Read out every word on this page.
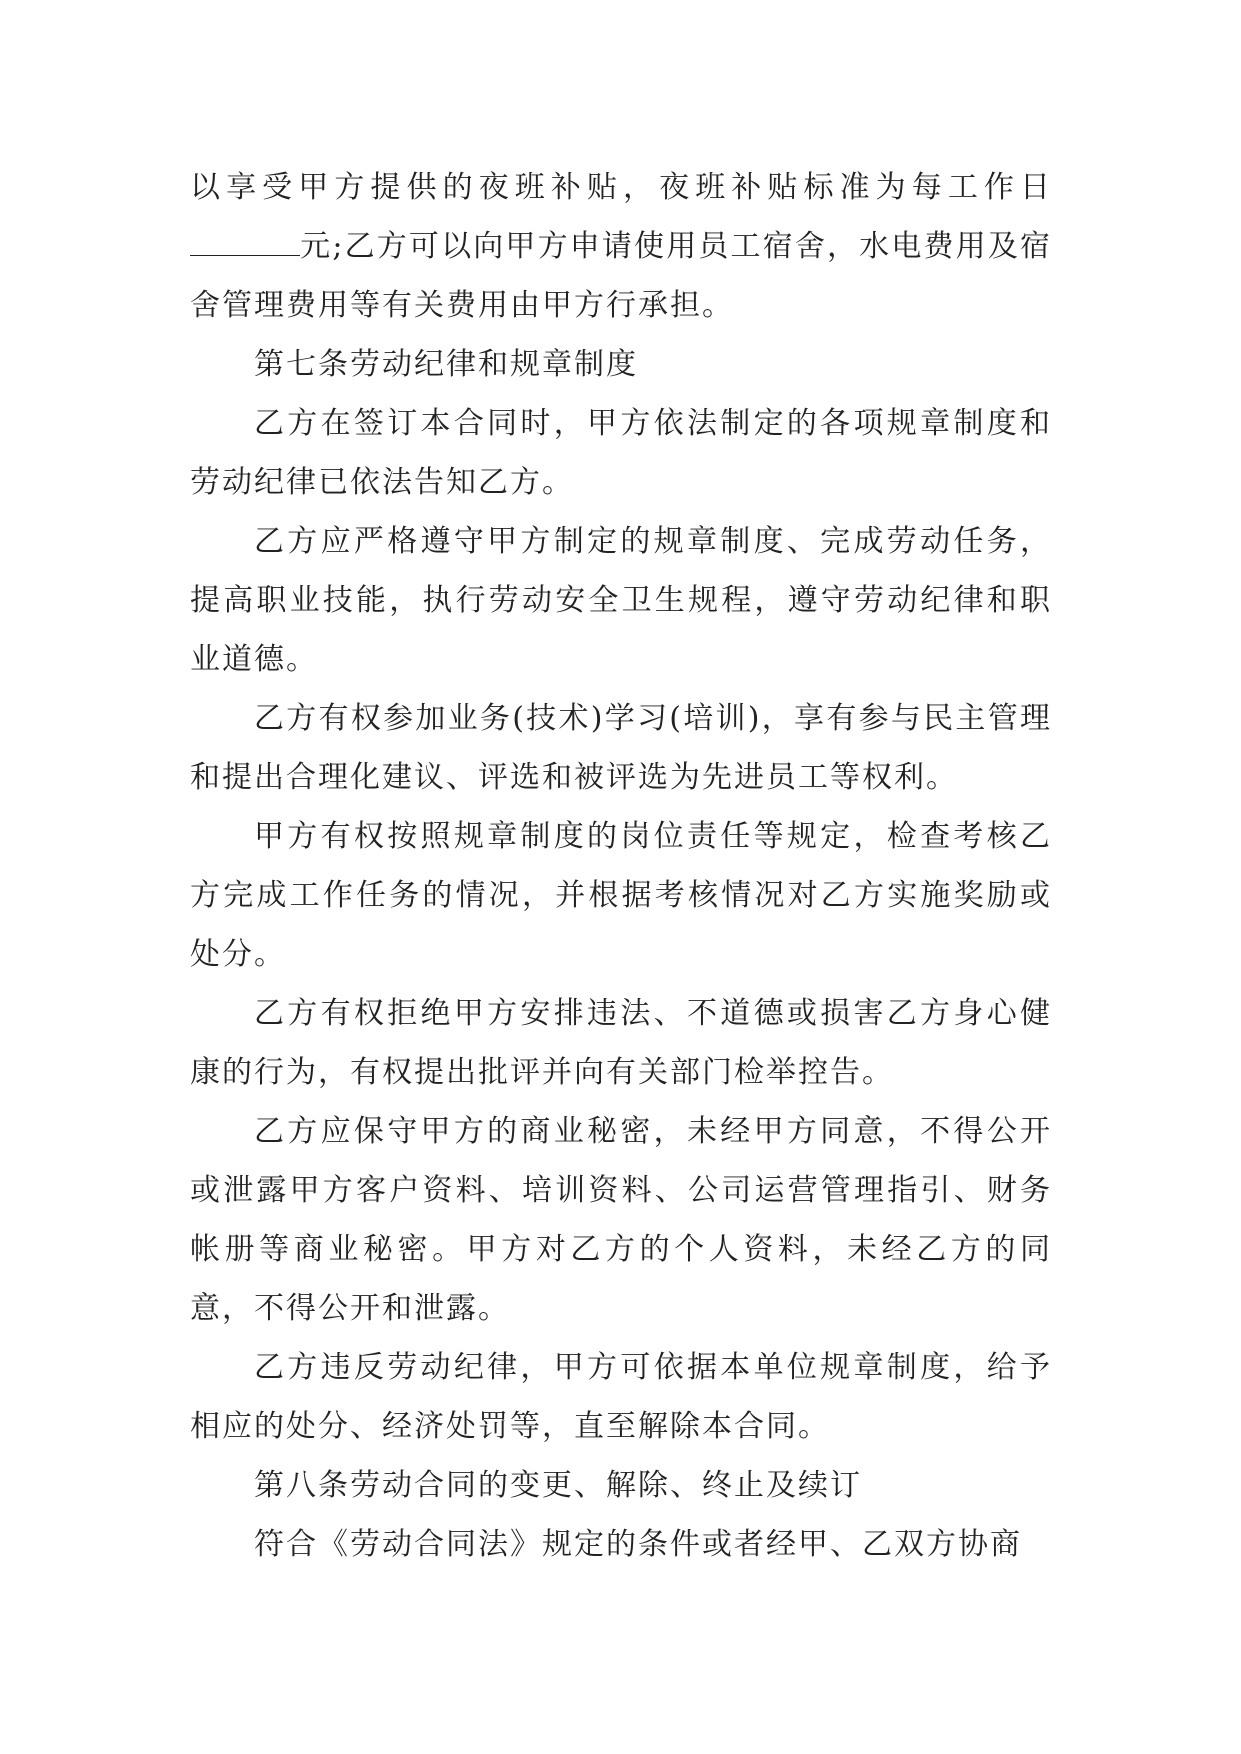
以享受甲方提供的夜班补贴，夜班补贴标准为每工作日元;乙方可以向甲方申请使用员工宿舍，水电费用及宿舍管理费用等有关费用由甲方行承担。

第七条劳动纪律和规章制度

乙方在签订本合同时，甲方依法制定的各项规章制度和劳动纪律已依法告知乙方。

乙方应严格遵守甲方制定的规章制度、完成劳动任务，提高职业技能，执行劳动安全卫生规程，遵守劳动纪律和职业道德。

乙方有权参加业务(技术)学习(培训)，享有参与民主管理和提出合理化建议、评选和被评选为先进员工等权利。

甲方有权按照规章制度的岗位责任等规定，检查考核乙方完成工作任务的情况，并根据考核情况对乙方实施奖励或处分。

乙方有权拒绝甲方安排违法、不道德或损害乙方身心健康的行为，有权提出批评并向有关部门检举控告。

乙方应保守甲方的商业秘密，未经甲方同意，不得公开或泄露甲方客户资料、培训资料、公司运营管理指引、财务帐册等商业秘密。甲方对乙方的个人资料，未经乙方的同意，不得公开和泄露。

乙方违反劳动纪律，甲方可依据本单位规章制度，给予相应的处分、经济处罚等，直至解除本合同。

第八条劳动合同的变更、解除、终止及续订

符合《劳动合同法》规定的条件或者经甲、乙双方协商
